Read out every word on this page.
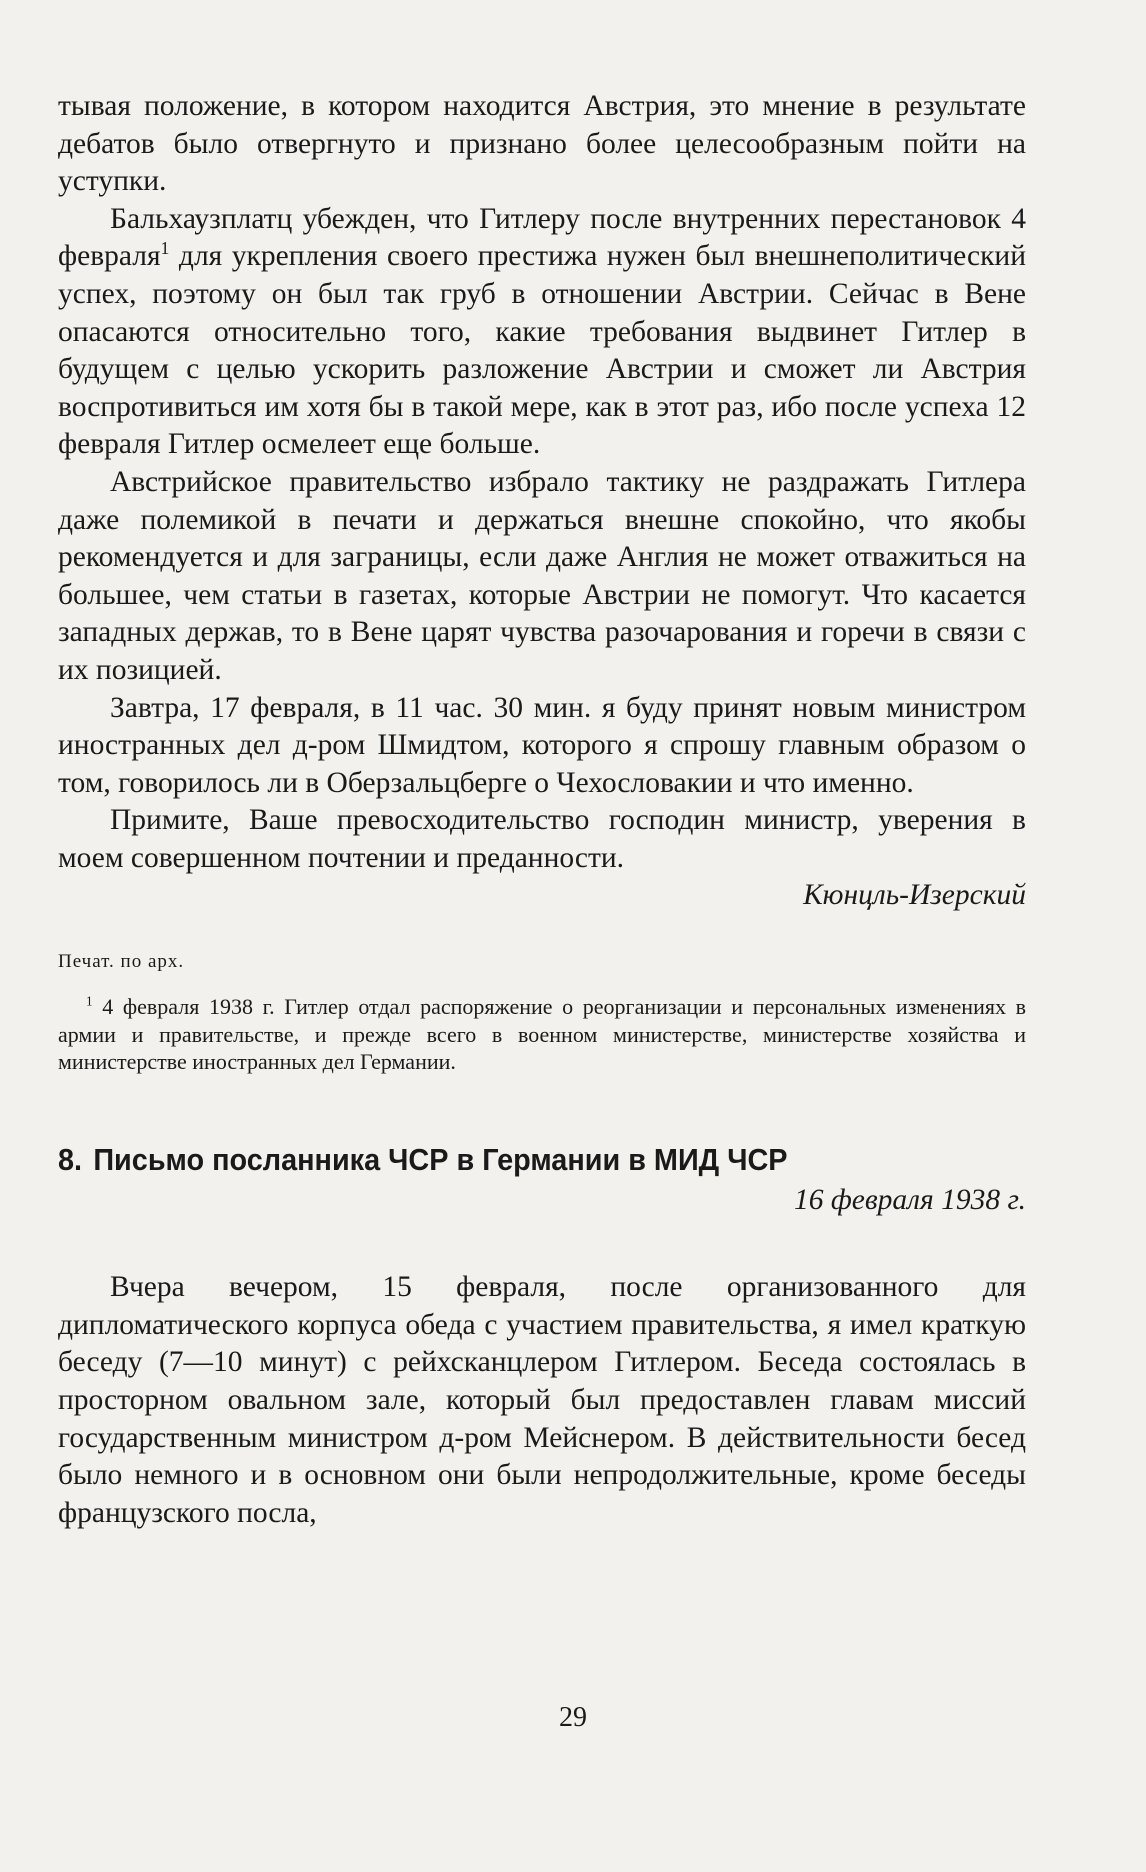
тывая положение, в котором находится Австрия, это мнение в результате дебатов было отвергнуто и признано более целесообразным пойти на уступки.

Бальхаузплатц убежден, что Гитлеру после внутренних перестановок 4 февраля$^1$ для укрепления своего престижа нужен был внешнеполитический успех, поэтому он был так груб в отношении Австрии. Сейчас в Вене опасаются относительно того, какие требования выдвинет Гитлер в будущем с целью ускорить разложение Австрии и сможет ли Австрия воспротивиться им хотя бы в такой мере, как в этот раз, ибо после успеха 12 февраля Гитлер осмелеет еще больше.

Австрийское правительство избрало тактику не раздражать Гитлера даже полемикой в печати и держаться внешне спокойно, что якобы рекомендуется и для заграницы, если даже Англия не может отважиться на большее, чем статьи в газетах, которые Австрии не помогут. Что касается западных держав, то в Вене царят чувства разочарования и горечи в связи с их позицией.

Завтра, 17 февраля, в 11 час. 30 мин. я буду принят новым министром иностранных дел д-ром Шмидтом, которого я спрошу главным образом о том, говорилось ли в Оберзальцберге о Чехословакии и что именно.

Примите, Ваше превосходительство господин министр, уверения в моем совершенном почтении и преданности.

Кюнцль-Изерский

Печат. по арх.

$^1$ 4 февраля 1938 г. Гитлер отдал распоряжение о реорганизации и персональных изменениях в армии и правительстве, и прежде всего в военном министерстве, министерстве хозяйства и министерстве иностранных дел Германии.

8. Письмо посланника ЧСР в Германии в МИД ЧСР

16 февраля 1938 г.

Вчера вечером, 15 февраля, после организованного для дипломатического корпуса обеда с участием правительства, я имел краткую беседу (7—10 минут) с рейхсканцлером Гитлером. Беседа состоялась в просторном овальном зале, который был предоставлен главам миссий государственным министром д-ром Мейснером. В действительности бесед было немного и в основном они были непродолжительные, кроме беседы французского посла,

29
